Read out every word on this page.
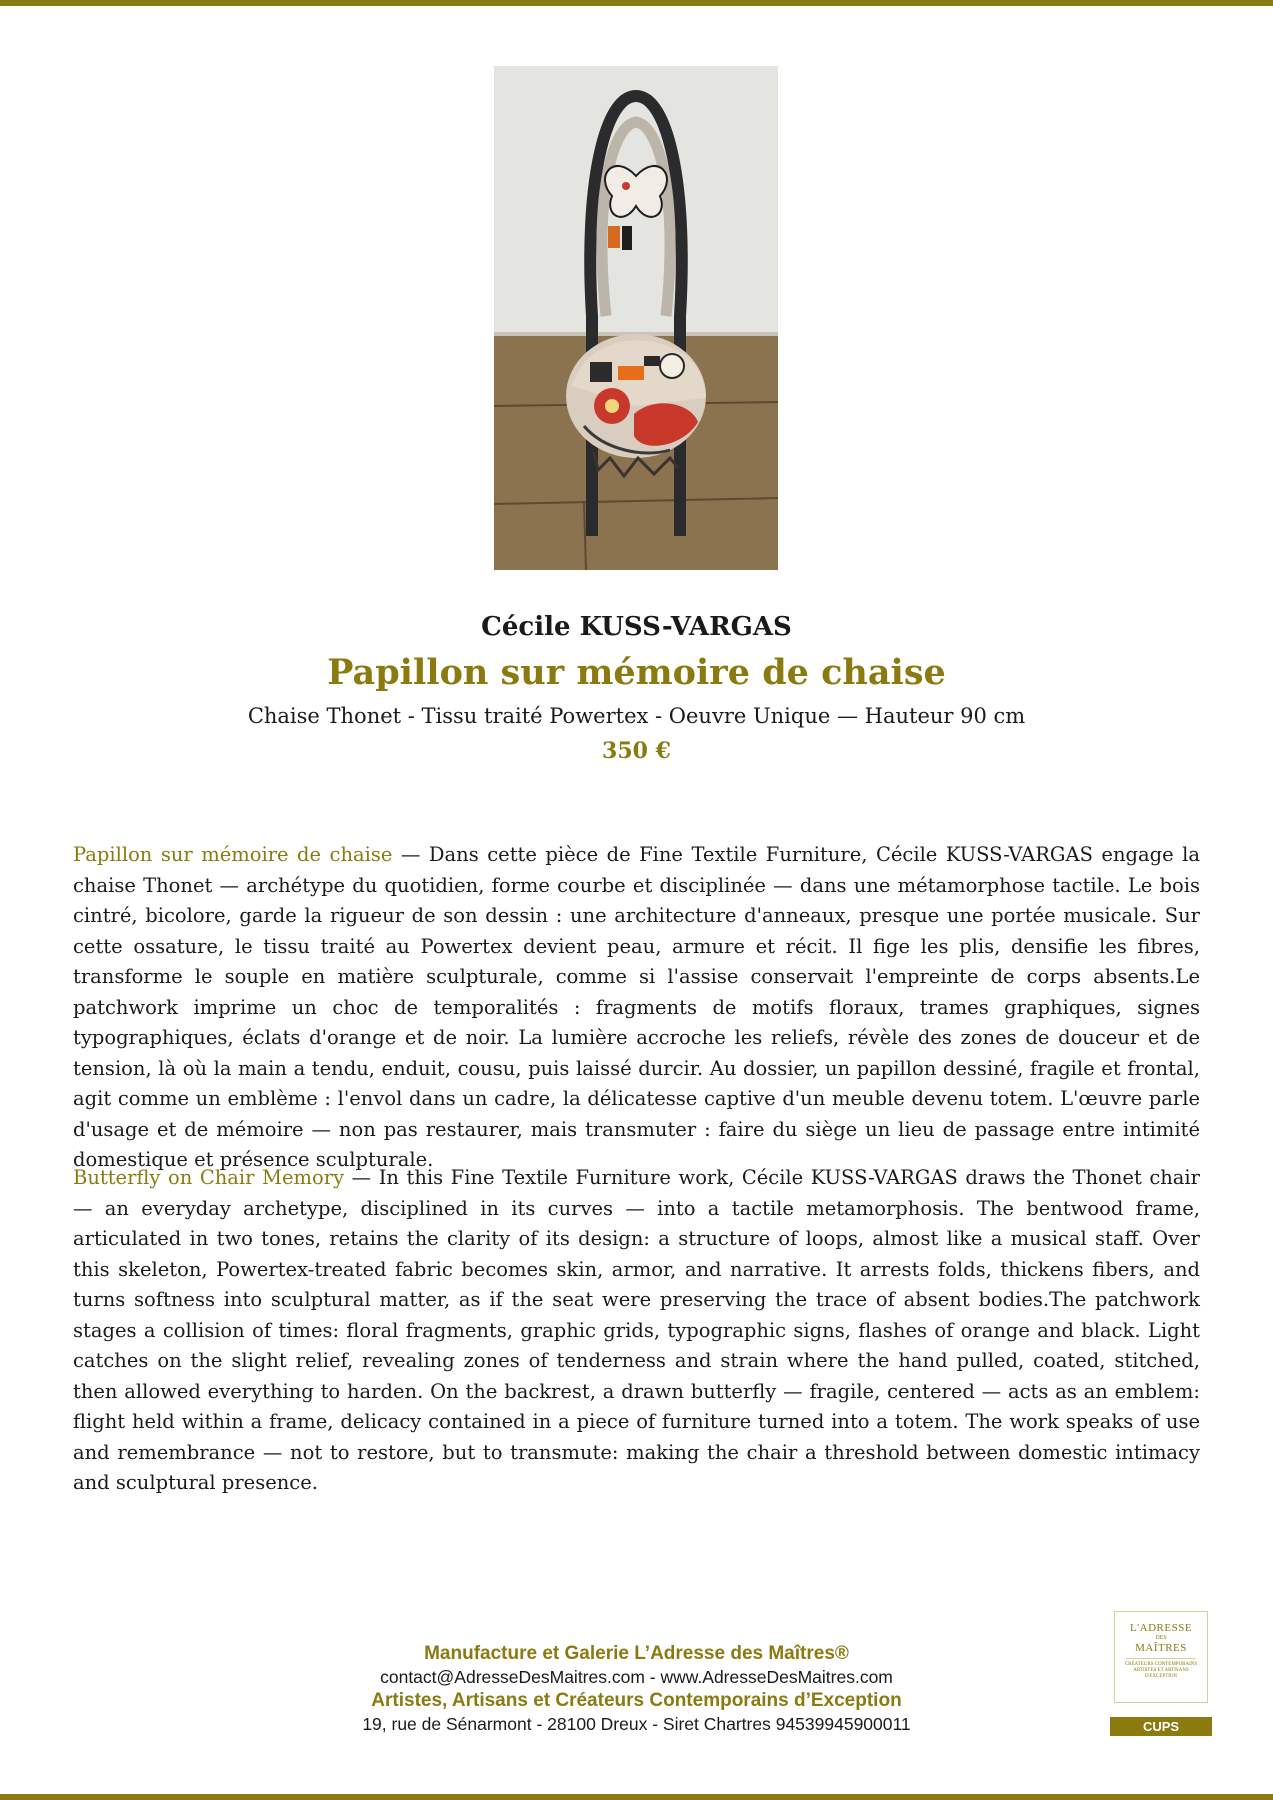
Cécile KUSS-VARGAS
Papillon sur mémoire de chaise
Chaise Thonet - Tissu traité Powertex - Oeuvre Unique — Hauteur 90 cm
350 €

Papillon sur mémoire de chaise — Dans cette pièce de Fine Textile Furniture, Cécile KUSS-VARGAS engage la chaise Thonet — archétype du quotidien, forme courbe et disciplinée — dans une métamorphose tactile. Le bois cintré, bicolore, garde la rigueur de son dessin : une architecture d'anneaux, presque une portée musicale. Sur cette ossature, le tissu traité au Powertex devient peau, armure et récit. Il fige les plis, densifie les fibres, transforme le souple en matière sculpturale, comme si l'assise conservait l'empreinte de corps absents.Le patchwork imprime un choc de temporalités : fragments de motifs floraux, trames graphiques, signes typographiques, éclats d'orange et de noir. La lumière accroche les reliefs, révèle des zones de douceur et de tension, là où la main a tendu, enduit, cousu, puis laissé durcir. Au dossier, un papillon dessiné, fragile et frontal, agit comme un emblème : l'envol dans un cadre, la délicatesse captive d'un meuble devenu totem. L'œuvre parle d'usage et de mémoire — non pas restaurer, mais transmuter : faire du siège un lieu de passage entre intimité domestique et présence sculpturale.

Butterfly on Chair Memory — In this Fine Textile Furniture work, Cécile KUSS-VARGAS draws the Thonet chair — an everyday archetype, disciplined in its curves — into a tactile metamorphosis. The bentwood frame, articulated in two tones, retains the clarity of its design: a structure of loops, almost like a musical staff. Over this skeleton, Powertex-treated fabric becomes skin, armor, and narrative. It arrests folds, thickens fibers, and turns softness into sculptural matter, as if the seat were preserving the trace of absent bodies.The patchwork stages a collision of times: floral fragments, graphic grids, typographic signs, flashes of orange and black. Light catches on the slight relief, revealing zones of tenderness and strain where the hand pulled, coated, stitched, then allowed everything to harden. On the backrest, a drawn butterfly — fragile, centered — acts as an emblem: flight held within a frame, delicacy contained in a piece of furniture turned into a totem. The work speaks of use and remembrance — not to restore, but to transmute: making the chair a threshold between domestic intimacy and sculptural presence.

Manufacture et Galerie L’Adresse des Maîtres®
contact@AdresseDesMaitres.com - www.AdresseDesMaitres.com
Artistes, Artisans et Créateurs Contemporains d’Exception
19, rue de Sénarmont - 28100 Dreux - Siret Chartres 94539945900011
L'ADRESSE
DES
MAÎTRES
CRÉATEURS CONTEMPORAINS ARTISTES ET ARTISANS D'EXCEPTION
CUPS
